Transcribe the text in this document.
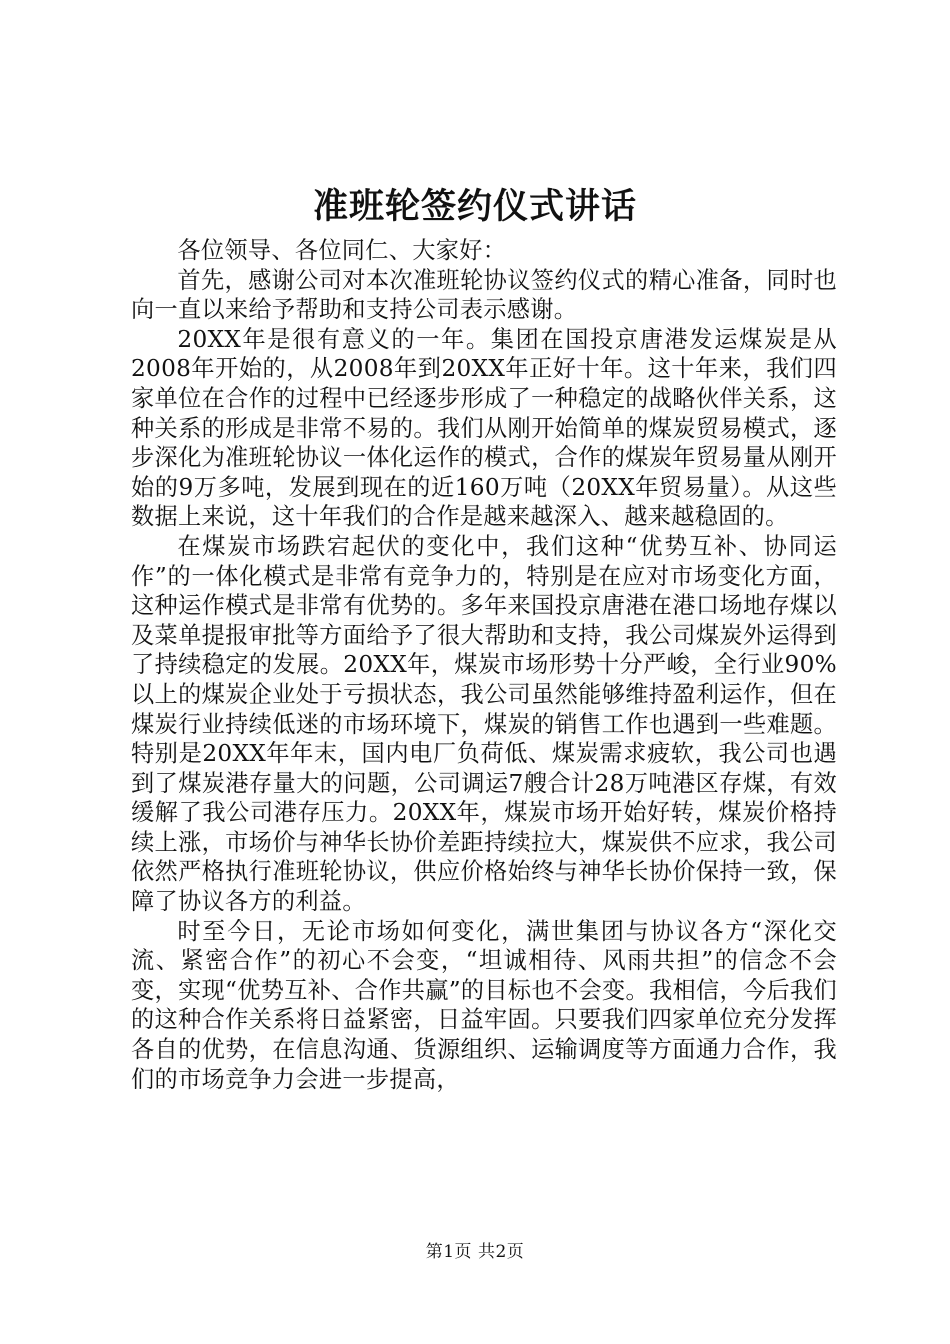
准班轮签约仪式讲话

各位领导、各位同仁、大家好：

首先，感谢公司对本次准班轮协议签约仪式的精心准备，同时也向一直以来给予帮助和支持公司表示感谢。

20XX年是很有意义的一年。集团在国投京唐港发运煤炭是从2008年开始的，从2008年到20XX年正好十年。这十年来，我们四家单位在合作的过程中已经逐步形成了一种稳定的战略伙伴关系，这种关系的形成是非常不易的。我们从刚开始简单的煤炭贸易模式，逐步深化为准班轮协议一体化运作的模式，合作的煤炭年贸易量从刚开始的9万多吨，发展到现在的近160万吨（20XX年贸易量）。从这些数据上来说，这十年我们的合作是越来越深入、越来越稳固的。

在煤炭市场跌宕起伏的变化中，我们这种“优势互补、协同运作”的一体化模式是非常有竞争力的，特别是在应对市场变化方面，这种运作模式是非常有优势的。多年来国投京唐港在港口场地存煤以及菜单提报审批等方面给予了很大帮助和支持，我公司煤炭外运得到了持续稳定的发展。20XX年，煤炭市场形势十分严峻，全行业90%以上的煤炭企业处于亏损状态，我公司虽然能够维持盈利运作，但在煤炭行业持续低迷的市场环境下，煤炭的销售工作也遇到一些难题。特别是20XX年年末，国内电厂负荷低、煤炭需求疲软，我公司也遇到了煤炭港存量大的问题，公司调运7艘合计28万吨港区存煤，有效缓解了我公司港存压力。20XX年，煤炭市场开始好转，煤炭价格持续上涨，市场价与神华长协价差距持续拉大，煤炭供不应求，我公司依然严格执行准班轮协议，供应价格始终与神华长协价保持一致，保障了协议各方的利益。

时至今日，无论市场如何变化，满世集团与协议各方“深化交流、紧密合作”的初心不会变，“坦诚相待、风雨共担”的信念不会变，实现“优势互补、合作共赢”的目标也不会变。我相信，今后我们的这种合作关系将日益紧密，日益牢固。只要我们四家单位充分发挥各自的优势，在信息沟通、货源组织、运输调度等方面通力合作，我们的市场竞争力会进一步提高，

第1页 共2页
